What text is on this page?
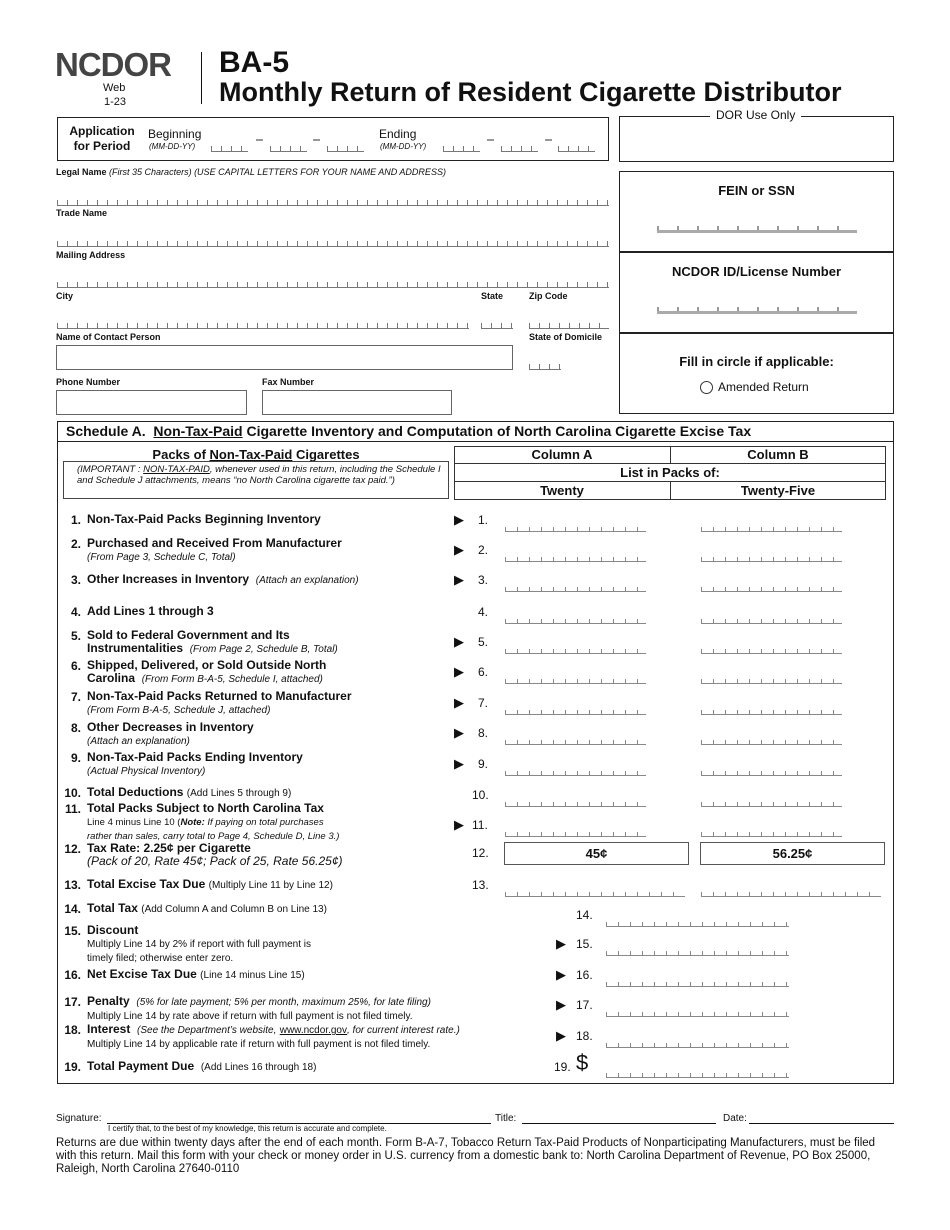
NCDOR
Web
1-23
BA-5
Monthly Return of Resident Cigarette Distributor
Application
for Period
Beginning
(MM-DD-YY)
Ending
(MM-DD-YY)
DOR Use Only
Legal Name (First 35 Characters) (USE CAPITAL LETTERS FOR YOUR NAME AND ADDRESS)
Trade Name
Mailing Address
City	State	Zip Code
Name of Contact Person	State of Domicile
Phone Number	Fax Number
FEIN or SSN
NCDOR ID/License Number
Fill in circle if applicable:
Amended Return
Schedule A. Non-Tax-Paid Cigarette Inventory and Computation of North Carolina Cigarette Excise Tax
Packs of Non-Tax-Paid Cigarettes
(IMPORTANT : NON-TAX-PAID, whenever used in this return, including the Schedule I and Schedule J attachments, means “no North Carolina cigarette tax paid.”)
Column A	Column B
List in Packs of:
Twenty	Twenty-Five
1. Non-Tax-Paid Packs Beginning Inventory	▶ 1.
2. Purchased and Received From Manufacturer
(From Page 3, Schedule C, Total)
▶ 2.
3. Other Increases in Inventory (Attach an explanation)	▶ 3.
4. Add Lines 1 through 3	4.
5. Sold to Federal Government and Its
Instrumentalities (From Page 2, Schedule B, Total)
▶ 5.
6. Shipped, Delivered, or Sold Outside North
Carolina (From Form B-A-5, Schedule I, attached)
▶ 6.
7. Non-Tax-Paid Packs Returned to Manufacturer
(From Form B-A-5, Schedule J, attached)
▶ 7.
8. Other Decreases in Inventory
(Attach an explanation)
▶ 8.
9. Non-Tax-Paid Packs Ending Inventory
(Actual Physical Inventory)
▶ 9.
10. Total Deductions (Add Lines 5 through 9)	10.
11. Total Packs Subject to North Carolina Tax
Line 4 minus Line 10 (Note: If paying on total purchases
rather than sales, carry total to Page 4, Schedule D, Line 3.)
▶ 11.
12. Tax Rate: 2.25¢ per Cigarette
(Pack of 20, Rate 45¢; Pack of 25, Rate 56.25¢)
12.	45¢	56.25¢
13. Total Excise Tax Due (Multiply Line 11 by Line 12)	13.
14. Total Tax (Add Column A and Column B on Line 13)	14.
15. Discount
Multiply Line 14 by 2% if report with full payment is
timely filed; otherwise enter zero.
▶ 15.
16. Net Excise Tax Due (Line 14 minus Line 15)	▶ 16.
17. Penalty (5% for late payment; 5% per month, maximum 25%, for late filing)
Multiply Line 14 by rate above if return with full payment is not filed timely.
▶ 17.
18. Interest (See the Department’s website, www.ncdor.gov, for current interest rate.)
Multiply Line 14 by applicable rate if return with full payment is not filed timely.
▶ 18.
19. Total Payment Due (Add Lines 16 through 18)	19. $
Signature:
I certify that, to the best of my knowledge, this return is accurate and complete.
Title:	Date:
Returns are due within twenty days after the end of each month. Form B-A-7, Tobacco Return Tax-Paid Products of Nonparticipating Manufacturers, must be filed with this return. Mail this form with your check or money order in U.S. currency from a domestic bank to: North Carolina Department of Revenue, PO Box 25000, Raleigh, North Carolina 27640-0110
